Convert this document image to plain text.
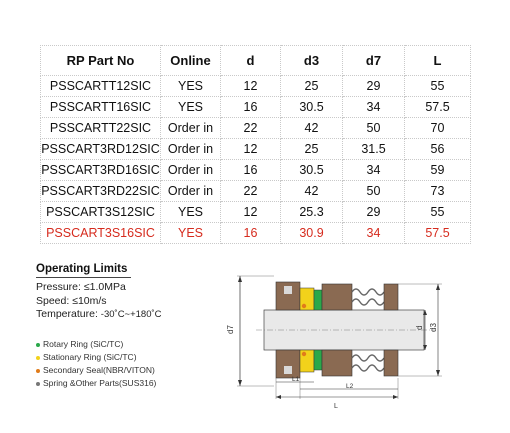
RP Part No	Online	d	d3	d7	L
PSSCARTT12SIC	YES	12	25	29	55
PSSCARTT16SIC	YES	16	30.5	34	57.5
PSSCARTT22SIC	Order in	22	42	50	70
PSSCART3RD12SIC	Order in	12	25	31.5	56
PSSCART3RD16SIC	Order in	16	30.5	34	59
PSSCART3RD22SIC	Order in	22	42	50	73
PSSCART3S12SIC	YES	12	25.3	29	55
PSSCART3S16SIC	YES	16	30.9	34	57.5
Operating Limits
Pressure: ≤1.0MPa
Speed: ≤10m/s
Temperature: -30˚C~+180˚C
Rotary Ring (SiC/TC)
Stationary Ring (SiC/TC)
Secondary Seal(NBR/VITON)
Spring &Other Parts(SUS316)
d7	d d3
L1
L2
L
